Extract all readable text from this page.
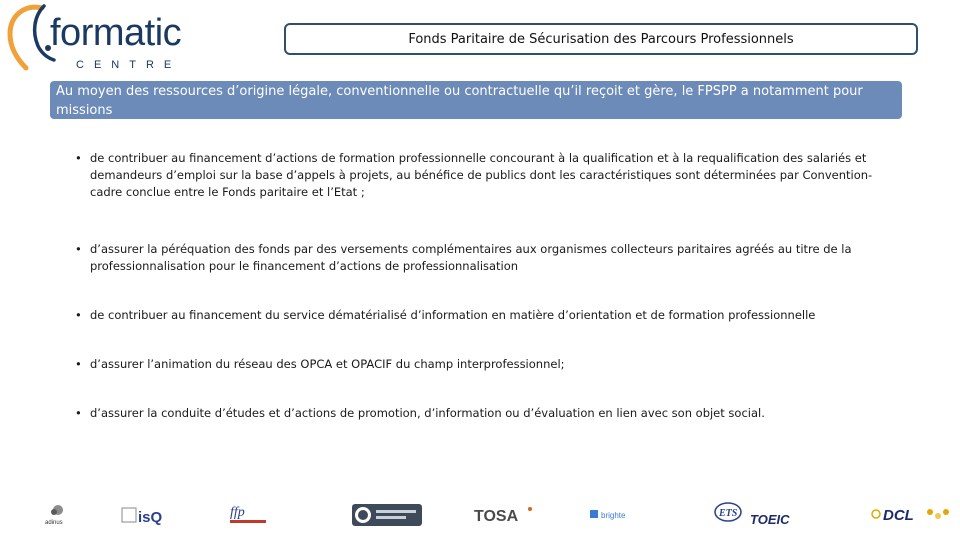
formatic
CENTRE
Fonds Paritaire de Sécurisation des Parcours Professionnels
Au moyen des ressources d’origine légale, conventionnelle ou contractuelle qu’il reçoit et gère, le FPSPP a notamment pour missions
• de contribuer au financement d’actions de formation professionnelle concourant à la qualification et à la requalification des salariés et demandeurs d’emploi sur la base d’appels à projets, au bénéfice de publics dont les caractéristiques sont déterminées par Convention-cadre conclue entre le Fonds paritaire et l’Etat ;
• d’assurer la péréquation des fonds par des versements complémentaires aux organismes collecteurs paritaires agréés au titre de la professionnalisation pour le financement d’actions de professionnalisation
• de contribuer au financement du service dématérialisé d’information en matière d’orientation et de formation professionnelle
• d’assurer l’animation du réseau des OPCA et OPACIF du champ interprofessionnel;
• d’assurer la conduite d’études et d’actions de promotion, d’information ou d’évaluation en lien avec son objet social.
adinus	isQ	ffp	TOSA	brighte	ETS TOEIC	DCL
